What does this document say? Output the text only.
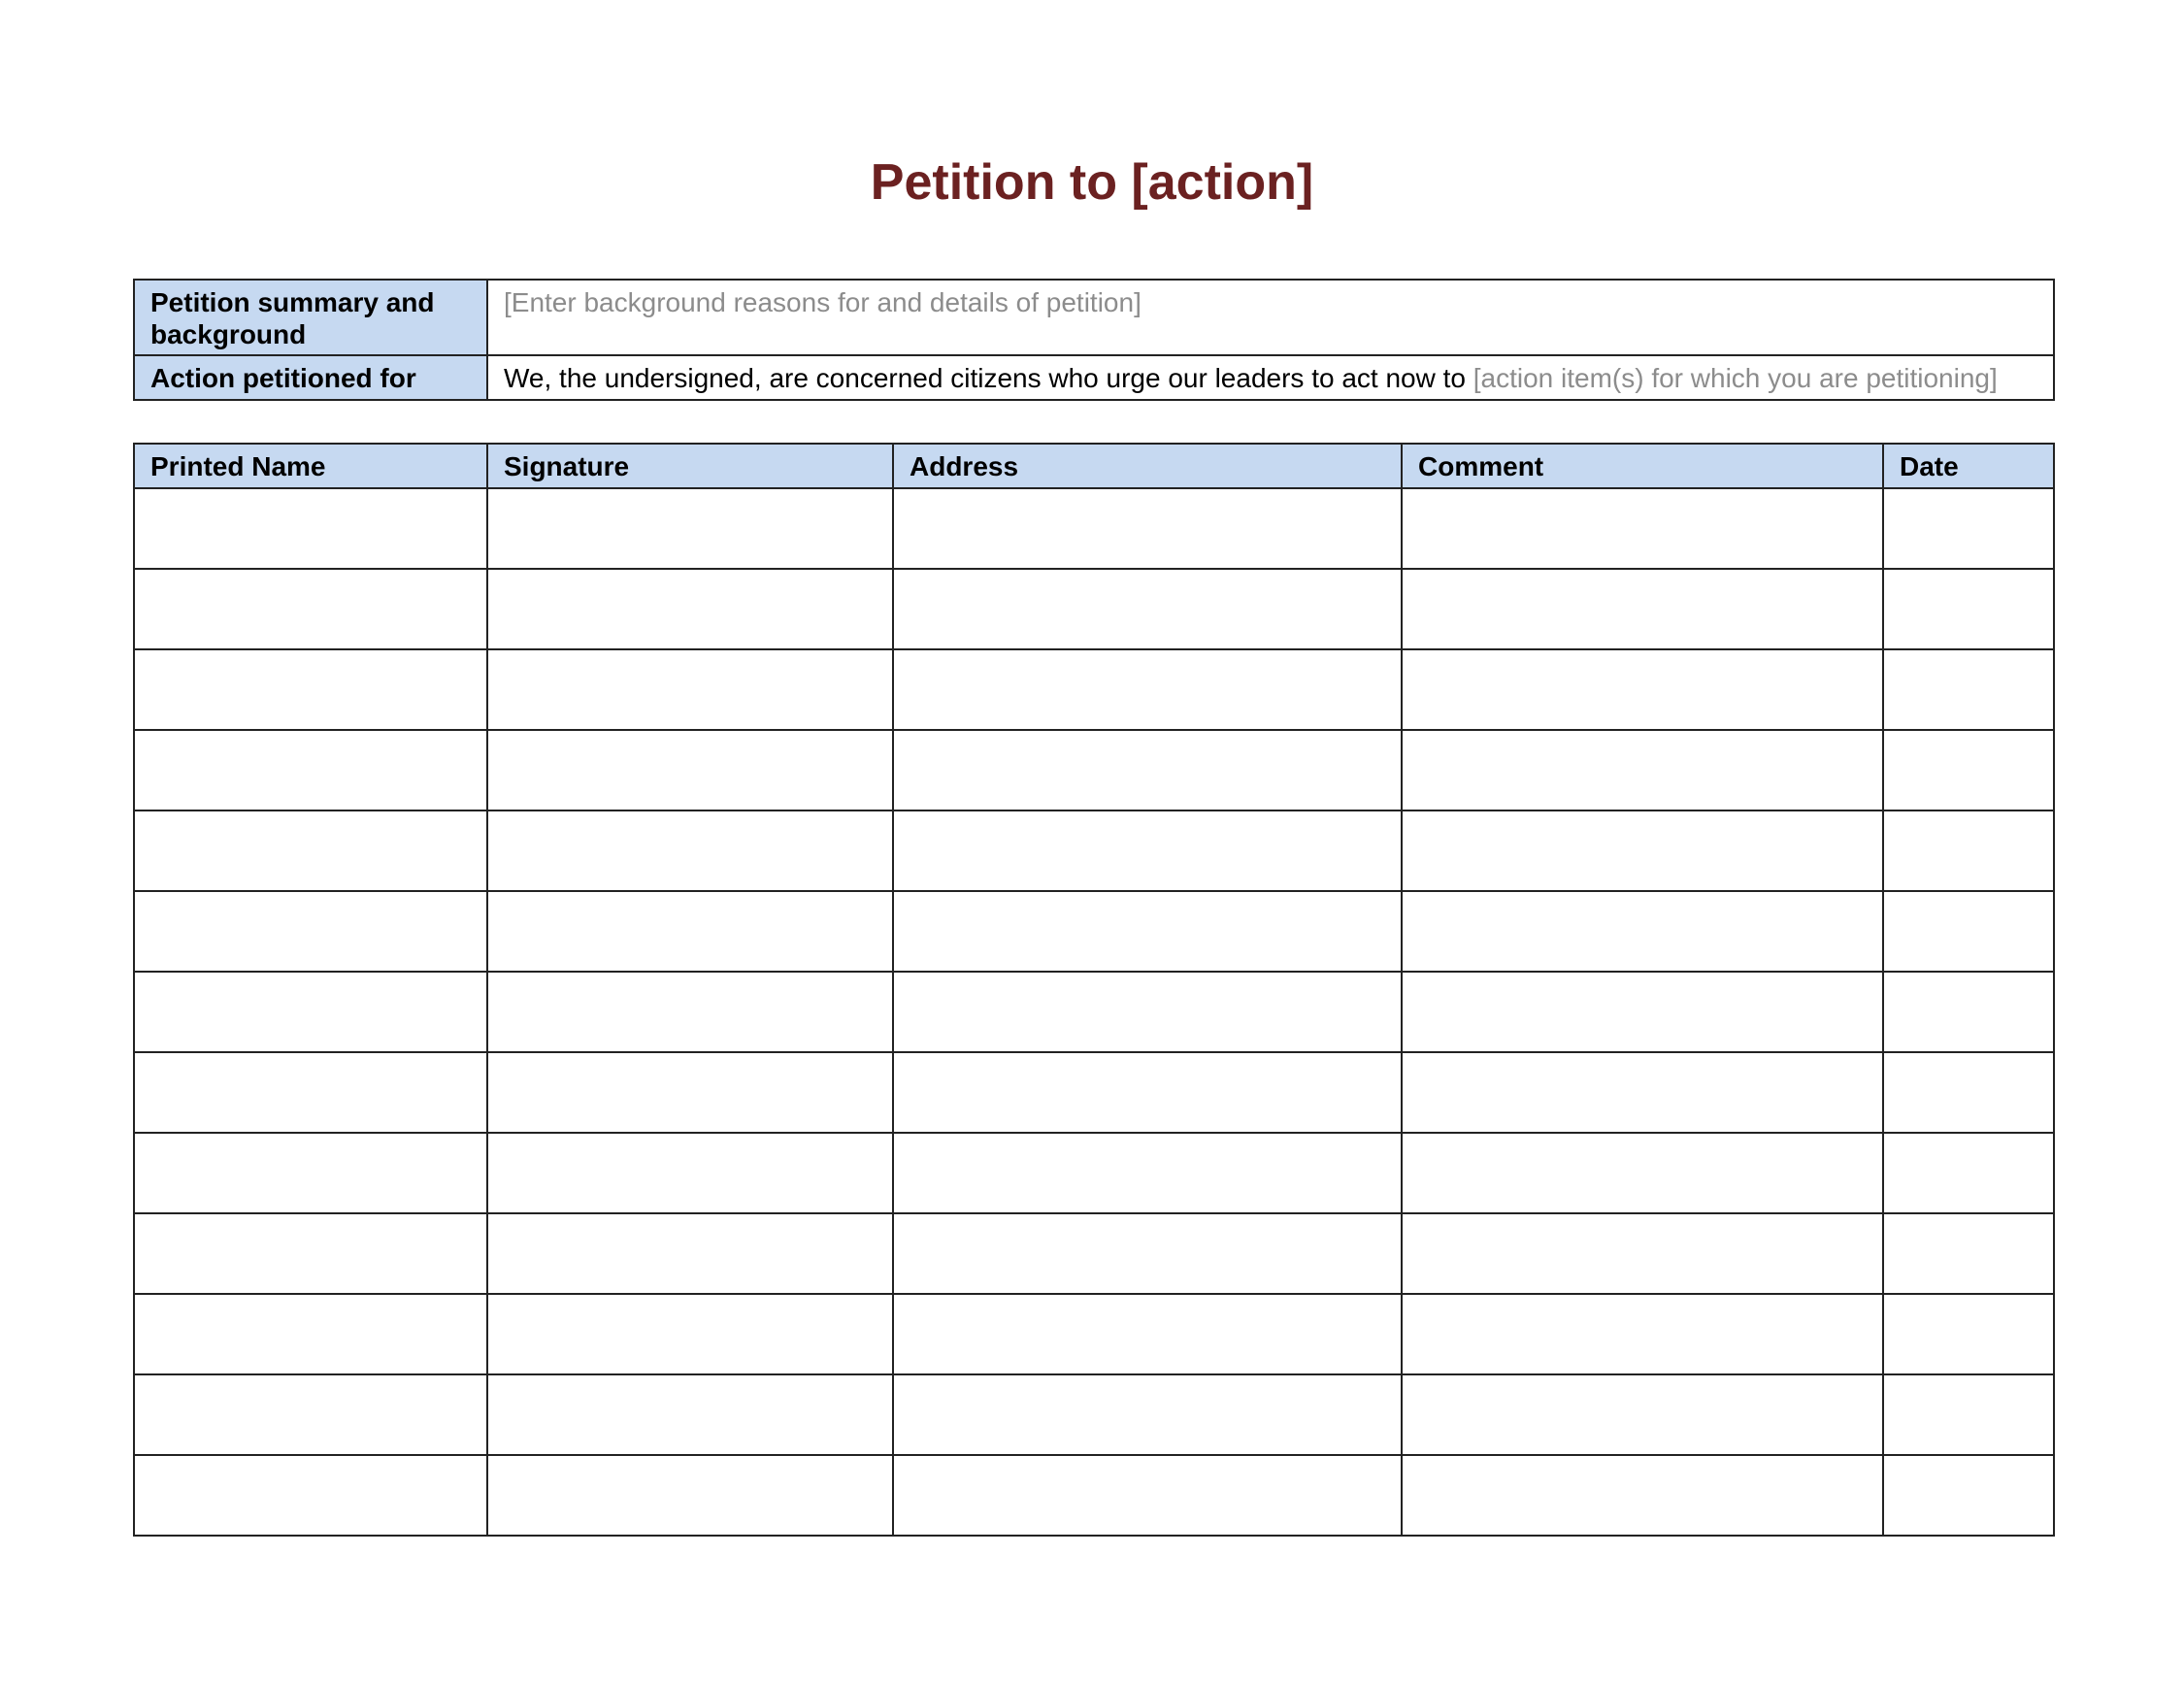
Petition to [action]
Petition summary and background	[Enter background reasons for and details of petition]
Action petitioned for	We, the undersigned, are concerned citizens who urge our leaders to act now to [action item(s) for which you are petitioning]
Printed Name	Signature	Address	Comment	Date
